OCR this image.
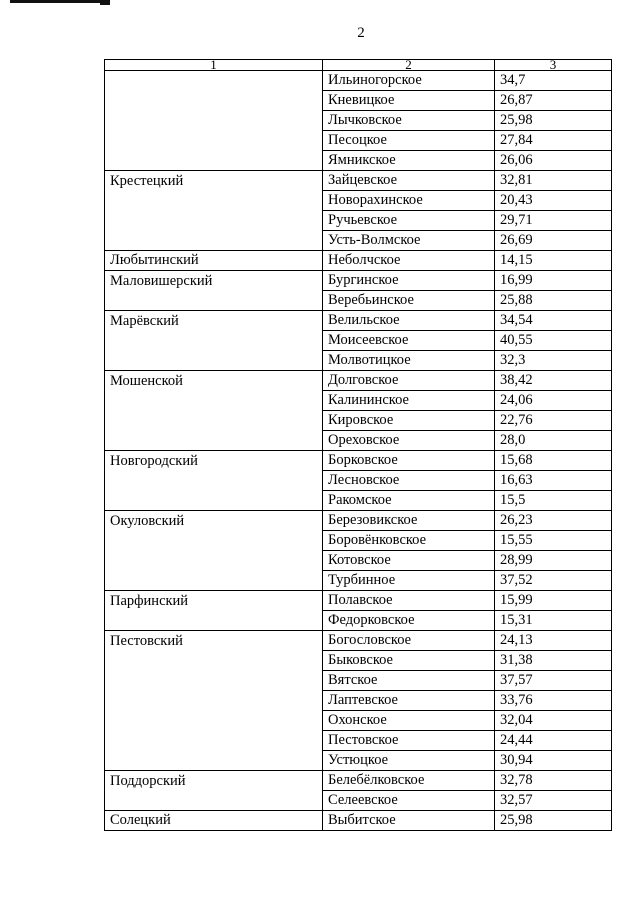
2
1	2	3
	Ильиногорское	34,7
	Кневицкое	26,87
	Лычковское	25,98
	Песоцкое	27,84
	Ямникское	26,06
Крестецкий	Зайцевское	32,81
	Новорахинское	20,43
	Ручьевское	29,71
	Усть-Волмское	26,69
Любытинский	Неболчское	14,15
Маловишерский	Бургинское	16,99
	Веребьинское	25,88
Марёвский	Велильское	34,54
	Моисеевское	40,55
	Молвотицкое	32,3
Мошенской	Долговское	38,42
	Калининское	24,06
	Кировское	22,76
	Ореховское	28,0
Новгородский	Борковское	15,68
	Лесновское	16,63
	Ракомское	15,5
Окуловский	Березовикское	26,23
	Боровёнковское	15,55
	Котовское	28,99
	Турбинное	37,52
Парфинский	Полавское	15,99
	Федорковское	15,31
Пестовский	Богословское	24,13
	Быковское	31,38
	Вятское	37,57
	Лаптевское	33,76
	Охонское	32,04
	Пестовское	24,44
	Устюцкое	30,94
Поддорский	Белебёлковское	32,78
	Селеевское	32,57
Солецкий	Выбитское	25,98
